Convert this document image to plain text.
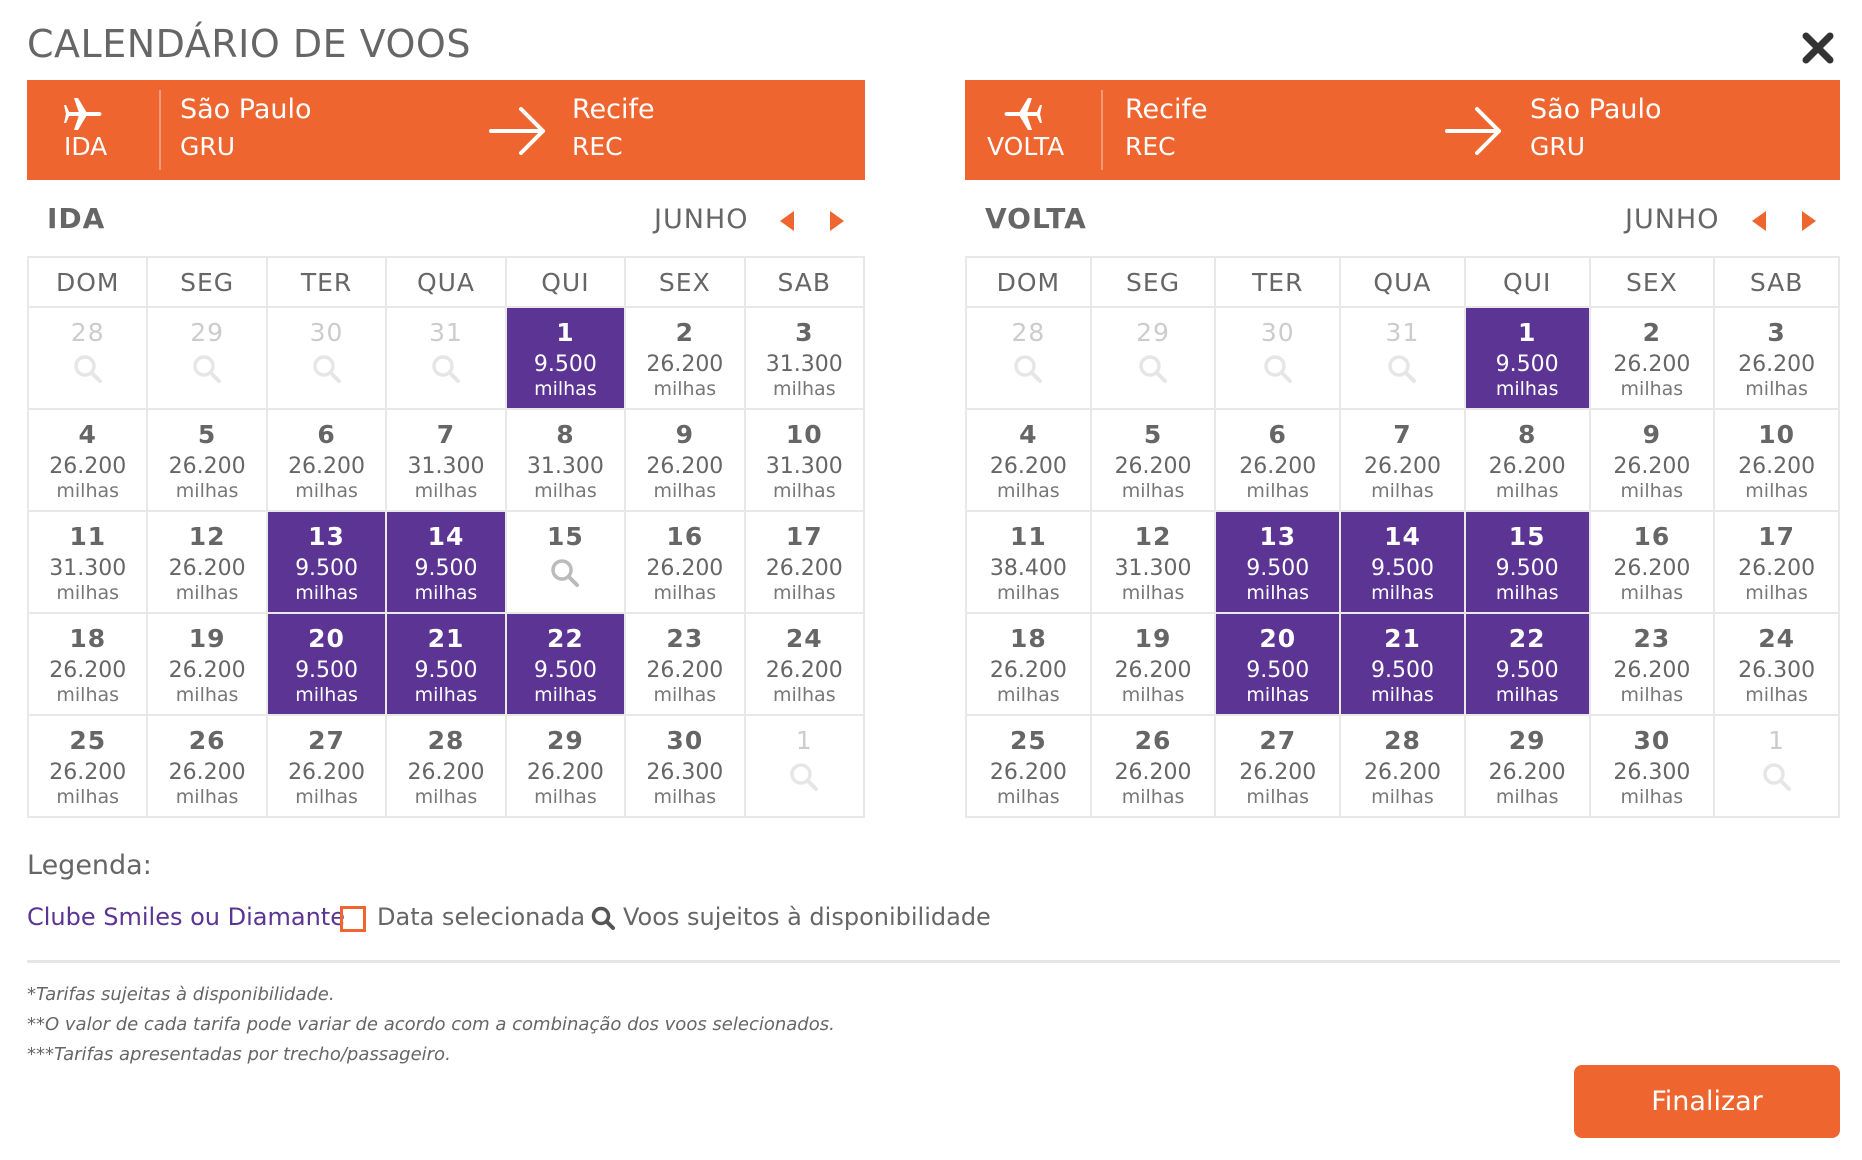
CALENDÁRIO DE VOOS
IDA
São Paulo
GRU
Recife
REC
IDA	JUNHO
DOM	SEG	TER	QUA	QUI	SEX	SAB

28	29	30	31	1
9.500
milhas	2
26.200
milhas	3
31.300
milhas

4
26.200
milhas	5
26.200
milhas	6
26.200
milhas	7
31.300
milhas	8
31.300
milhas	9
26.200
milhas	10
31.300
milhas

11
31.300
milhas	12
26.200
milhas	13
9.500
milhas	14
9.500
milhas	15	16
26.200
milhas	17
26.200
milhas

18
26.200
milhas	19
26.200
milhas	20
9.500
milhas	21
9.500
milhas	22
9.500
milhas	23
26.200
milhas	24
26.200
milhas

25
26.200
milhas	26
26.200
milhas	27
26.200
milhas	28
26.200
milhas	29
26.200
milhas	30
26.300
milhas	1
VOLTA
Recife
REC
São Paulo
GRU
VOLTA	JUNHO
DOM	SEG	TER	QUA	QUI	SEX	SAB

28	29	30	31	1
9.500
milhas	2
26.200
milhas	3
26.200
milhas

4
26.200
milhas	5
26.200
milhas	6
26.200
milhas	7
26.200
milhas	8
26.200
milhas	9
26.200
milhas	10
26.200
milhas

11
38.400
milhas	12
31.300
milhas	13
9.500
milhas	14
9.500
milhas	15
9.500
milhas	16
26.200
milhas	17
26.200
milhas

18
26.200
milhas	19
26.200
milhas	20
9.500
milhas	21
9.500
milhas	22
9.500
milhas	23
26.200
milhas	24
26.300
milhas

25
26.200
milhas	26
26.200
milhas	27
26.200
milhas	28
26.200
milhas	29
26.200
milhas	30
26.300
milhas	1
Legenda:
Clube Smiles ou Diamante Data selecionada Voos sujeitos à disponibilidade
*Tarifas sujeitas à disponibilidade.
**O valor de cada tarifa pode variar de acordo com a combinação dos voos selecionados.
***Tarifas apresentadas por trecho/passageiro.
Finalizar
